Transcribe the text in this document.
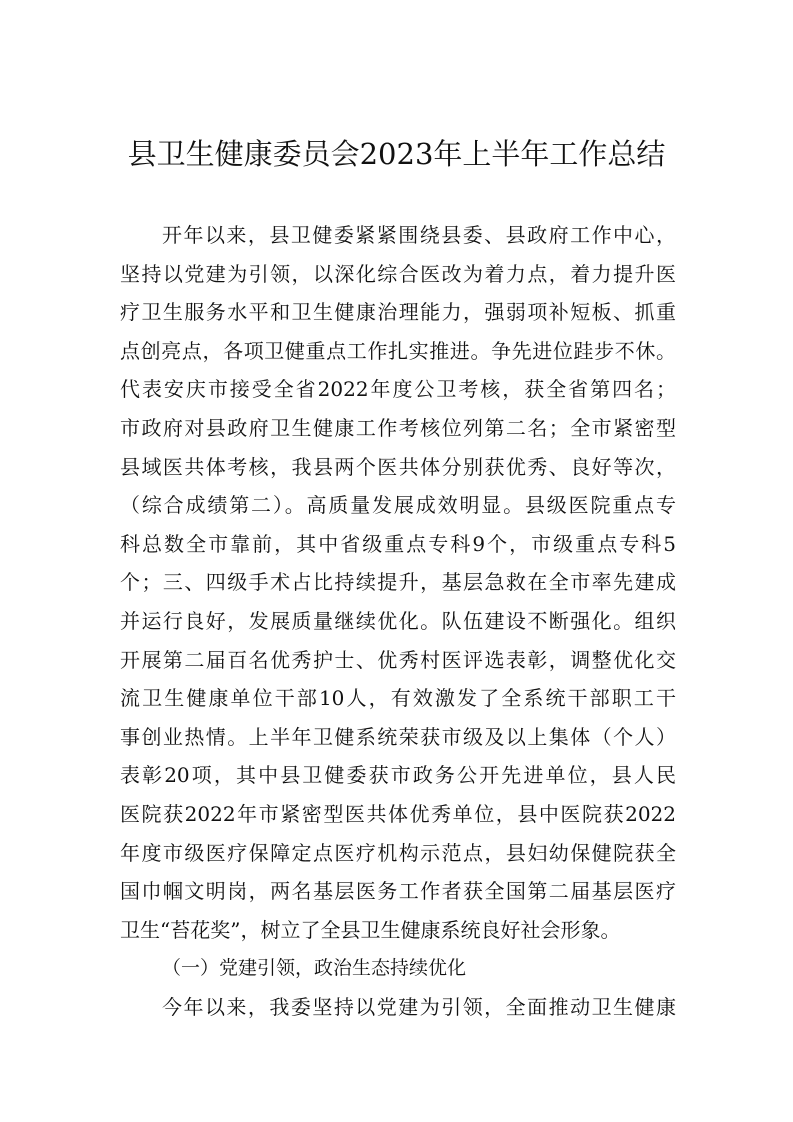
县卫生健康委员会2023年上半年工作总结
开年以来，县卫健委紧紧围绕县委、县政府工作中心，
坚持以党建为引领，以深化综合医改为着力点，着力提升医
疗卫生服务水平和卫生健康治理能力，强弱项补短板、抓重
点创亮点，各项卫健重点工作扎实推进。争先进位跬步不休。
代表安庆市接受全省2022年度公卫考核，获全省第四名；
市政府对县政府卫生健康工作考核位列第二名；全市紧密型
县域医共体考核，我县两个医共体分别获优秀、良好等次，
（综合成绩第二）。高质量发展成效明显。县级医院重点专
科总数全市靠前，其中省级重点专科9个，市级重点专科5
个；三、四级手术占比持续提升，基层急救在全市率先建成
并运行良好，发展质量继续优化。队伍建设不断强化。组织
开展第二届百名优秀护士、优秀村医评选表彰，调整优化交
流卫生健康单位干部10人，有效激发了全系统干部职工干
事创业热情。上半年卫健系统荣获市级及以上集体（个人）
表彰20项，其中县卫健委获市政务公开先进单位，县人民
医院获2022年市紧密型医共体优秀单位，县中医院获2022
年度市级医疗保障定点医疗机构示范点，县妇幼保健院获全
国巾帼文明岗，两名基层医务工作者获全国第二届基层医疗
卫生“苔花奖”，树立了全县卫生健康系统良好社会形象。
（一）党建引领，政治生态持续优化
今年以来，我委坚持以党建为引领，全面推动卫生健康
